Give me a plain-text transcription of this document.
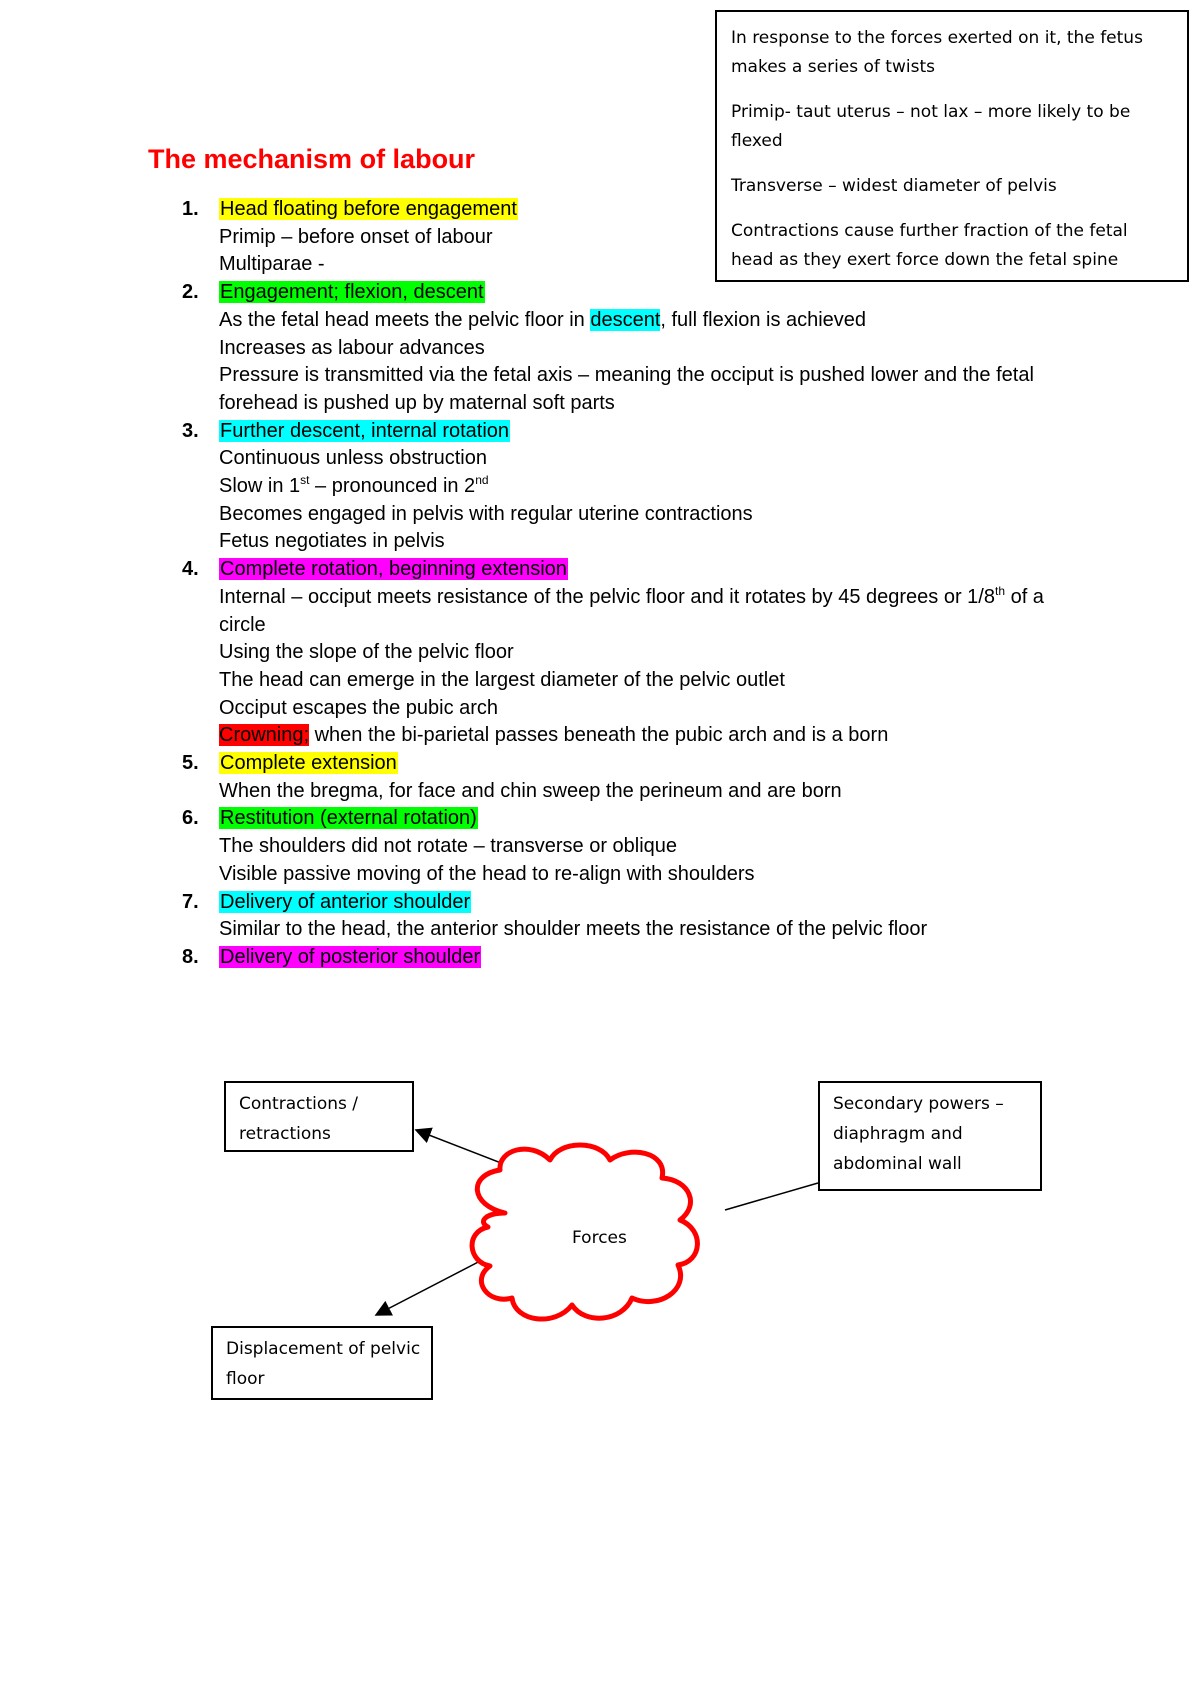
In response to the forces exerted on it, the fetus makes a series of twists

Primip- taut uterus – not lax – more likely to be flexed

Transverse – widest diameter of pelvis

Contractions cause further fraction of the fetal head as they exert force down the fetal spine

The mechanism of labour
1. Head floating before engagement
Primip – before onset of labour
Multiparae -
2. Engagement; flexion, descent
As the fetal head meets the pelvic floor in descent, full flexion is achieved
Increases as labour advances
Pressure is transmitted via the fetal axis – meaning the occiput is pushed lower and the fetal forehead is pushed up by maternal soft parts
3. Further descent, internal rotation
Continuous unless obstruction
Slow in 1st – pronounced in 2nd
Becomes engaged in pelvis with regular uterine contractions
Fetus negotiates in pelvis
4. Complete rotation, beginning extension
Internal – occiput meets resistance of the pelvic floor and it rotates by 45 degrees or 1/8th of a circle
Using the slope of the pelvic floor
The head can emerge in the largest diameter of the pelvic outlet
Occiput escapes the pubic arch
Crowning; when the bi-parietal passes beneath the pubic arch and is a born
5. Complete extension
When the bregma, for face and chin sweep the perineum and are born
6. Restitution (external rotation)
The shoulders did not rotate – transverse or oblique
Visible passive moving of the head to re-align with shoulders
7. Delivery of anterior shoulder
Similar to the head, the anterior shoulder meets the resistance of the pelvic floor
8. Delivery of posterior shoulder
Forces
Contractions / retractions
Secondary powers – diaphragm and abdominal wall
Displacement of pelvic floor
